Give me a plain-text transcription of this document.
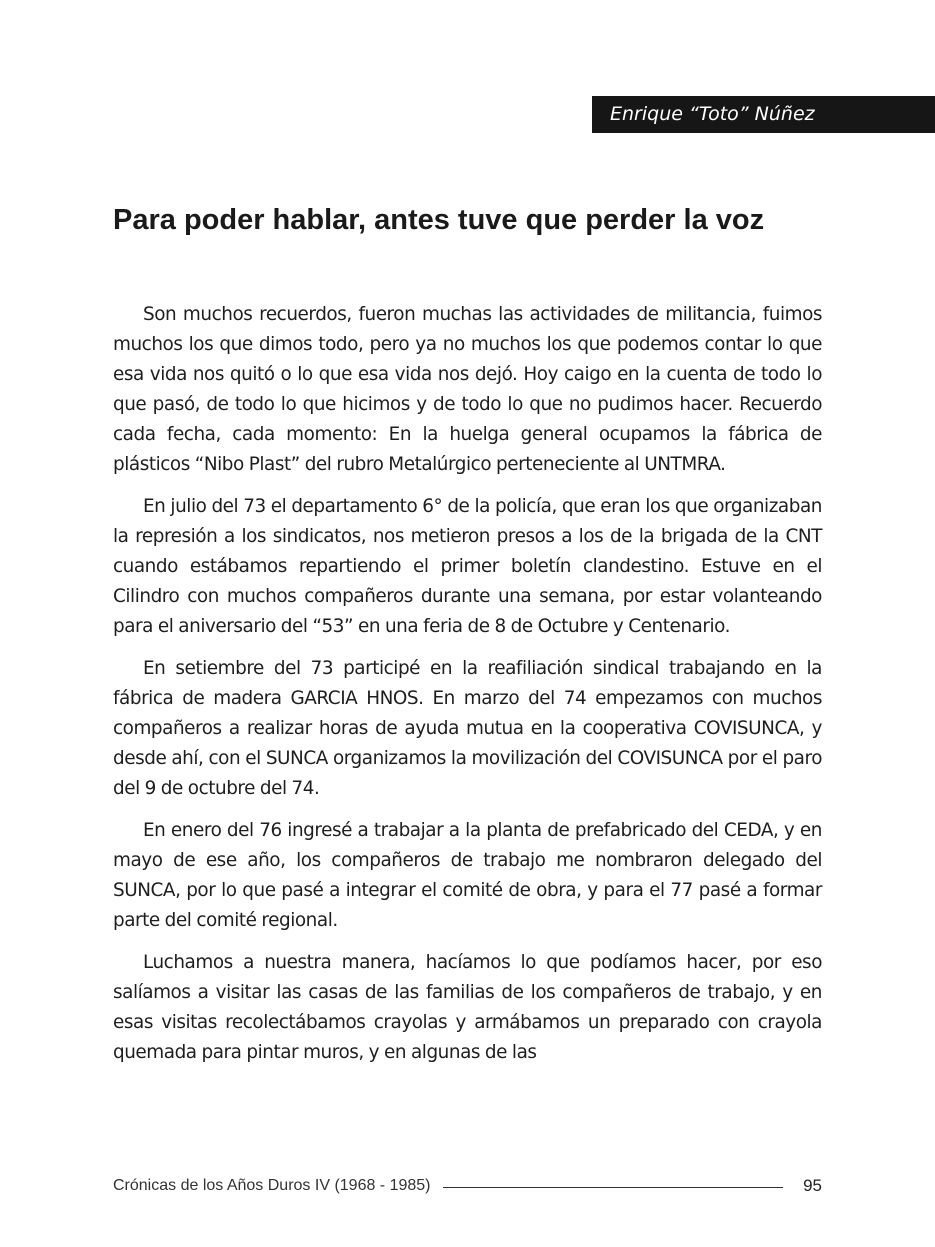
Enrique “Toto” Núñez
Para poder hablar, antes tuve que perder la voz

Son muchos recuerdos, fueron muchas las actividades de militancia, fuimos muchos los que dimos todo, pero ya no muchos los que podemos contar lo que esa vida nos quitó o lo que esa vida nos dejó. Hoy caigo en la cuenta de todo lo que pasó, de todo lo que hicimos y de todo lo que no pudimos hacer. Recuerdo cada fecha, cada momento: En la huelga general ocupamos la fábrica de plásticos “Nibo Plast” del rubro Metalúrgico perteneciente al UNTMRA.

En julio del 73 el departamento 6° de la policía, que eran los que organizaban la represión a los sindicatos, nos metieron presos a los de la brigada de la CNT cuando estábamos repartiendo el primer boletín clandestino. Estuve en el Cilindro con muchos compañeros durante una semana, por estar volanteando para el aniversario del “53” en una feria de 8 de Octubre y Centenario.

En setiembre del 73 participé en la reafiliación sindical trabajando en la fábrica de madera GARCIA HNOS. En marzo del 74 empezamos con muchos compañeros a realizar horas de ayuda mutua en la cooperativa COVISUNCA, y desde ahí, con el SUNCA organizamos la movilización del COVISUNCA por el paro del 9 de octubre del 74.

En enero del 76 ingresé a trabajar a la planta de prefabricado del CEDA, y en mayo de ese año, los compañeros de trabajo me nombraron delegado del SUNCA, por lo que pasé a integrar el comité de obra, y para el 77 pasé a formar parte del comité regional.

Luchamos a nuestra manera, hacíamos lo que podíamos hacer, por eso salíamos a visitar las casas de las familias de los compañeros de trabajo, y en esas visitas recolectábamos crayolas y armábamos un preparado con crayola quemada para pintar muros, y en algunas de las

Crónicas de los Años Duros IV (1968 - 1985)	95
